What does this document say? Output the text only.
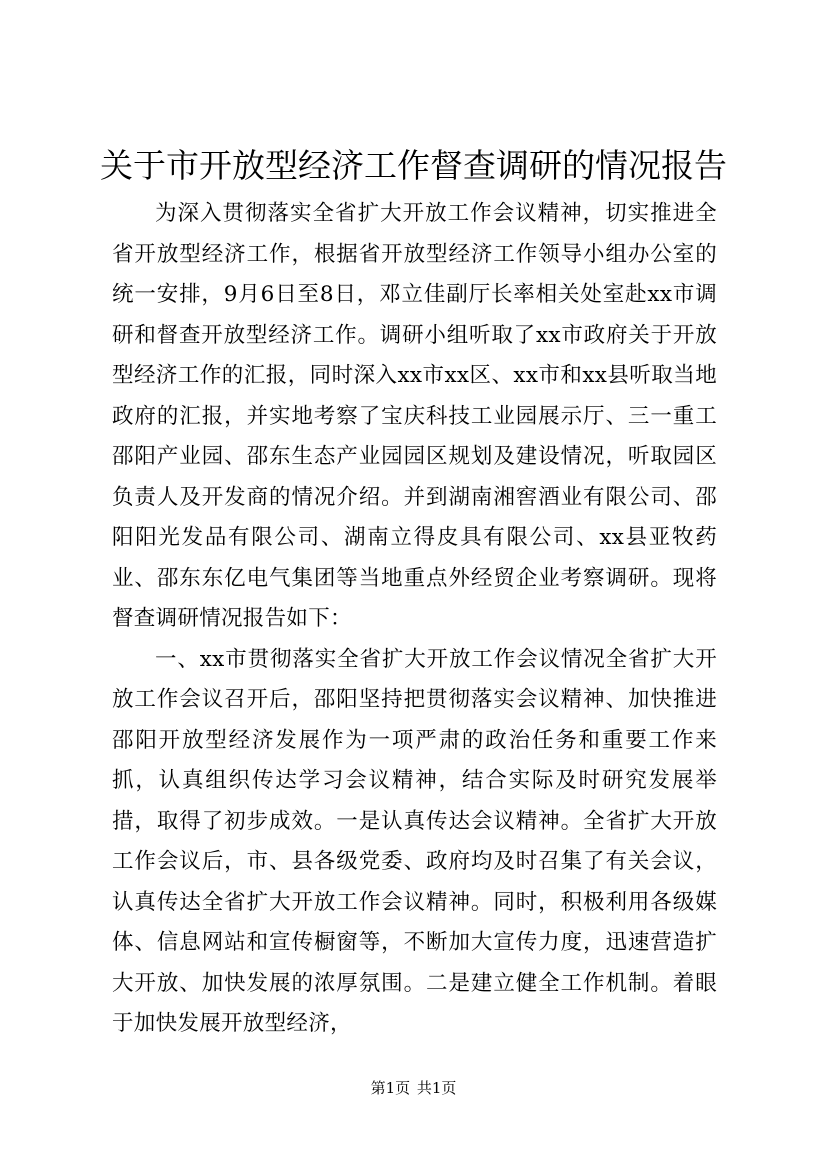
关于市开放型经济工作督查调研的情况报告

为深入贯彻落实全省扩大开放工作会议精神，切实推进全省开放型经济工作，根据省开放型经济工作领导小组办公室的统一安排，9月6日至8日，邓立佳副厅长率相关处室赴xx市调研和督查开放型经济工作。调研小组听取了xx市政府关于开放型经济工作的汇报，同时深入xx市xx区、xx市和xx县听取当地政府的汇报，并实地考察了宝庆科技工业园展示厅、三一重工邵阳产业园、邵东生态产业园园区规划及建设情况，听取园区负责人及开发商的情况介绍。并到湖南湘窖酒业有限公司、邵阳阳光发品有限公司、湖南立得皮具有限公司、xx县亚牧药业、邵东东亿电气集团等当地重点外经贸企业考察调研。现将督查调研情况报告如下：

一、xx市贯彻落实全省扩大开放工作会议情况全省扩大开放工作会议召开后，邵阳坚持把贯彻落实会议精神、加快推进邵阳开放型经济发展作为一项严肃的政治任务和重要工作来抓，认真组织传达学习会议精神，结合实际及时研究发展举措，取得了初步成效。一是认真传达会议精神。全省扩大开放工作会议后，市、县各级党委、政府均及时召集了有关会议，认真传达全省扩大开放工作会议精神。同时，积极利用各级媒体、信息网站和宣传橱窗等，不断加大宣传力度，迅速营造扩大开放、加快发展的浓厚氛围。二是建立健全工作机制。着眼于加快发展开放型经济，

第1页 共1页
